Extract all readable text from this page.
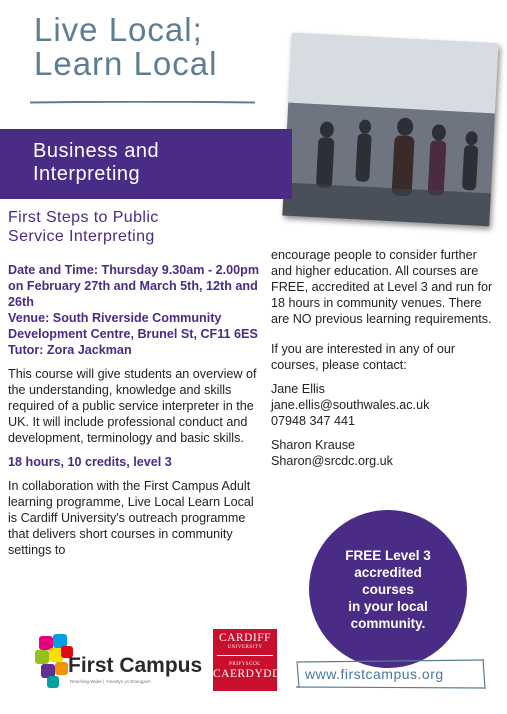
Live Local;
Learn Local
Business and
Interpreting
First Steps to Public
Service Interpreting

Date and Time: Thursday 9.30am - 2.00pm on February 27th and March 5th, 12th and 26th

Venue: South Riverside Community Development Centre, Brunel St, CF11 6ES

Tutor: Zora Jackman

This course will give students an overview of the understanding, knowledge and skills required of a public service interpreter in the UK. It will include professional conduct and development, terminology and basic skills.

18 hours, 10 credits, level 3

In collaboration with the First Campus Adult learning programme, Live Local Learn Local is Cardiff University's outreach programme that delivers short courses in community settings to

encourage people to consider further and higher education. All courses are FREE, accredited at Level 3 and run for 18 hours in community venues. There are NO previous learning requirements.

If you are interested in any of our courses, please contact:

Jane Ellis

jane.ellis@southwales.ac.uk

07948 347 441

Sharon Krause

Sharon@srcdc.org.uk

FREE Level 3
accredited
courses
in your local
community.
First Campus
Reaching Wider | Ymestyn yn Ehangach
CARDIFF
UNIVERSITY
PRIFYSGOL
CAERDYDD www.firstcampus.org
